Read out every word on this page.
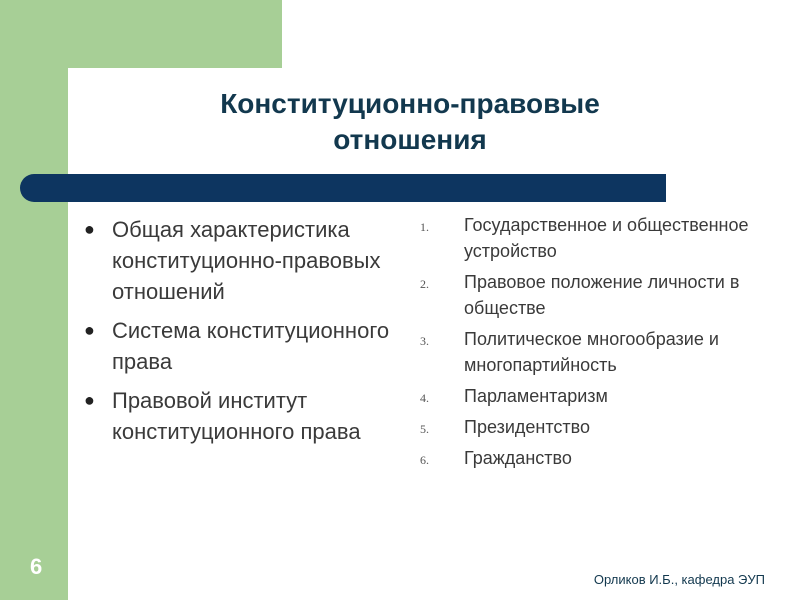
Конституционно-правовые
отношения
● Общая характеристика конституционно-правовых отношений
● Система конституционного права
● Правовой институт конституционного права
1. Государственное и общественное устройство
2. Правовое положение личности в обществе
3. Политическое многообразие и многопартийность
4. Парламентаризм
5. Президентство
6. Гражданство
6
Орликов И.Б., кафедра ЭУП
